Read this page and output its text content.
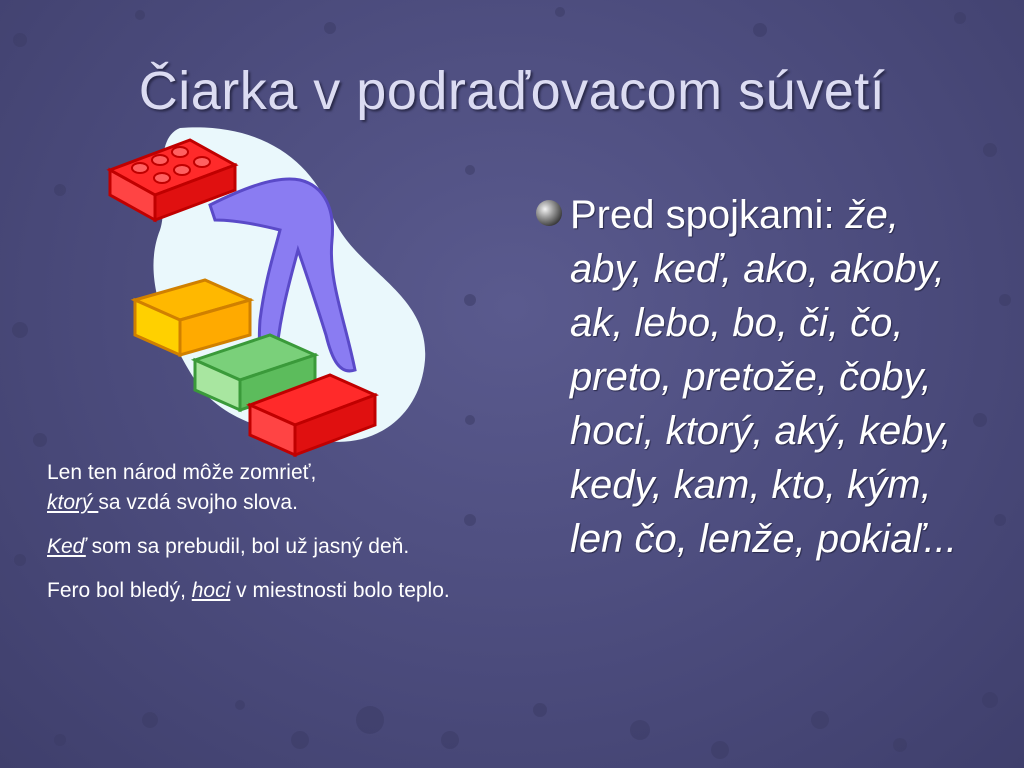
Čiarka v podraďovacom súvetí

Len ten národ môže zomrieť,
ktorý sa vzdá svojho slova.

Keď som sa prebudil, bol už jasný deň.

Fero bol bledý, hoci v miestnosti bolo teplo.

Pred spojkami: že, aby, keď, ako, akoby, ak, lebo, bo, či, čo, preto, pretože, čoby, hoci, ktorý, aký, keby, kedy, kam, kto, kým, len čo, lenže, pokiaľ...
